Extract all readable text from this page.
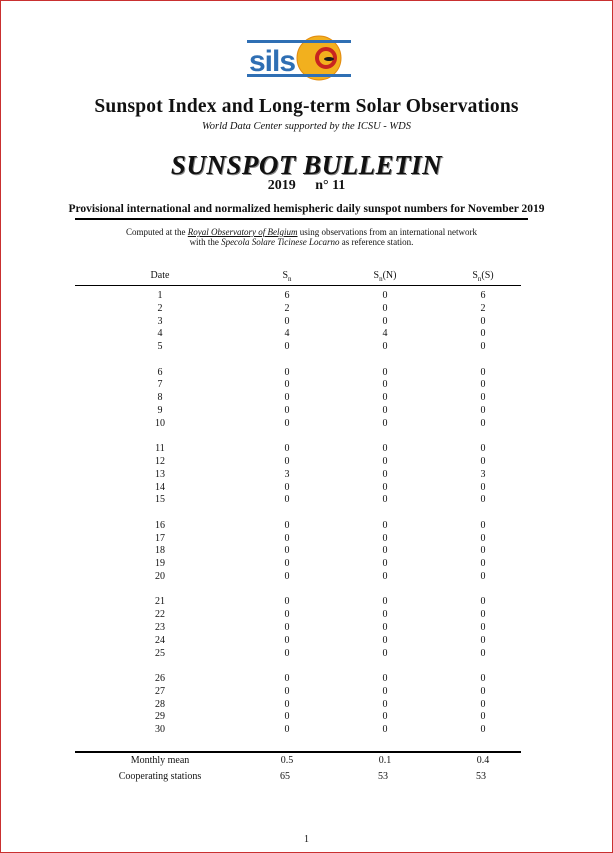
sils
Sunspot Index and Long-term Solar Observations
World Data Center supported by the ICSU - WDS
SUNSPOT BULLETIN
2019 n° 11
Provisional international and normalized hemispheric daily sunspot numbers for November 2019
Computed at the Royal Observatory of Belgium using observations from an international network
with the Specola Solare Ticinese Locarno as reference station.
Date	$S_n$	$S_n(N)$	$S_n(S)$
1	6	0	6
2	2	0	2
3	0	0	0
4	4	4	0
5	0	0	0
6	0	0	0
7	0	0	0
8	0	0	0
9	0	0	0
10	0	0	0
11	0	0	0
12	0	0	0
13	3	0	3
14	0	0	0
15	0	0	0
16	0	0	0
17	0	0	0
18	0	0	0
19	0	0	0
20	0	0	0
21	0	0	0
22	0	0	0
23	0	0	0
24	0	0	0
25	0	0	0
26	0	0	0
27	0	0	0
28	0	0	0
29	0	0	0
30	0	0	0
Monthly mean	0.5	0.1	0.4
Cooperating stations	65	53	53
1
